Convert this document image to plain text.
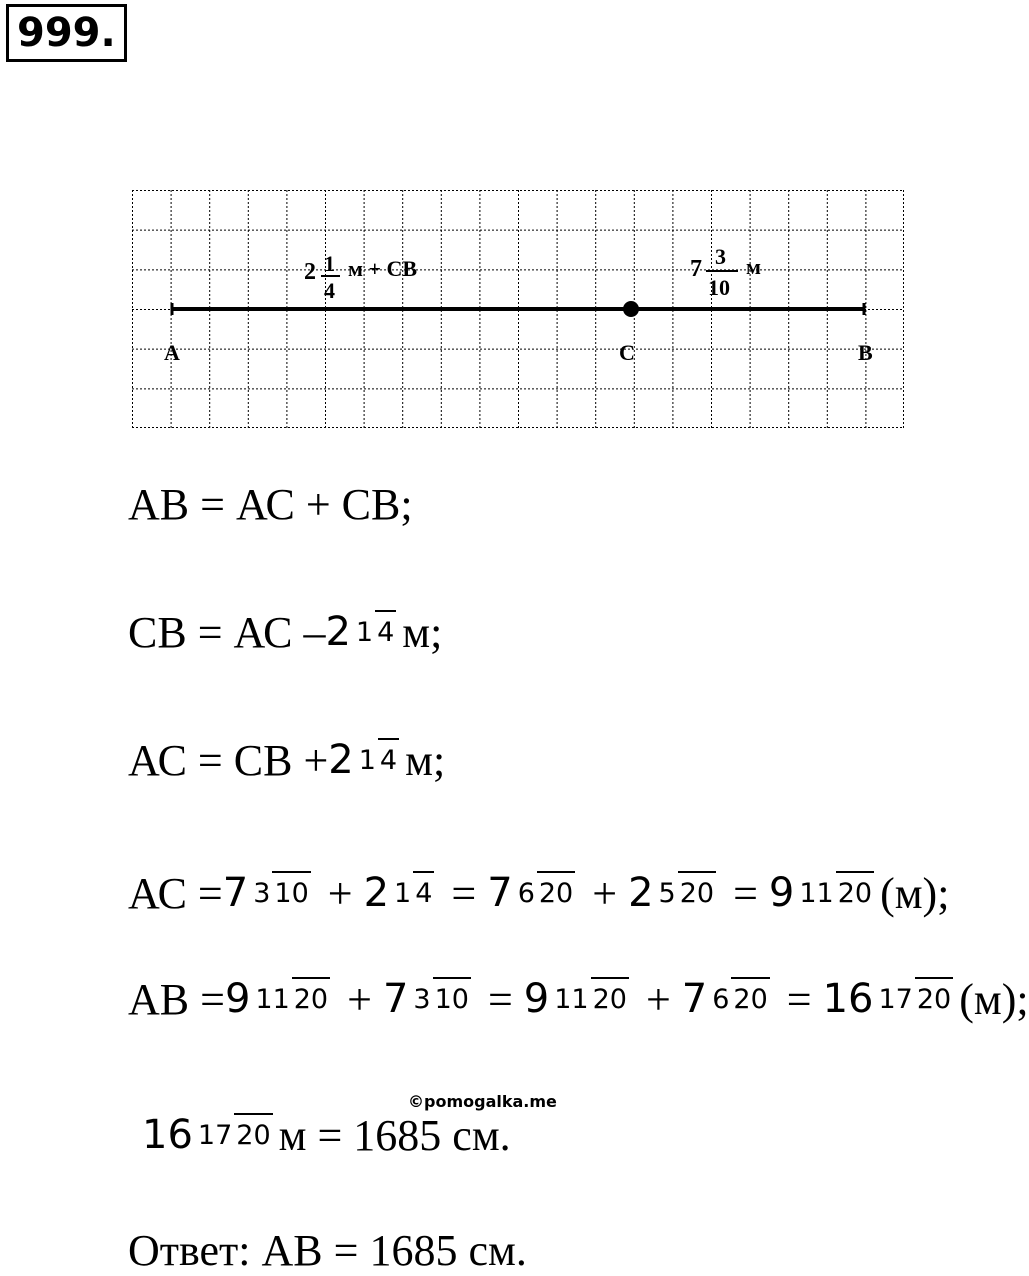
999.
A	C	B
2 1
4
м + СВ	7 3
10
м
АВ = АС + СВ;
СВ = АС – 2 1 4 м;
АС = СВ + 2 1 4 м;
АС = 7 3 10 + 2 1 4 = 7 6 20 + 2 5 20 = 9 11 20 (м);
АВ = 9 11 20 + 7 3 10 = 9 11 20 + 7 6 20 = 16 17 20 (м);
©pomogalka.me
16 17 20 м = 1685 см.
Ответ: АВ = 1685 см.
